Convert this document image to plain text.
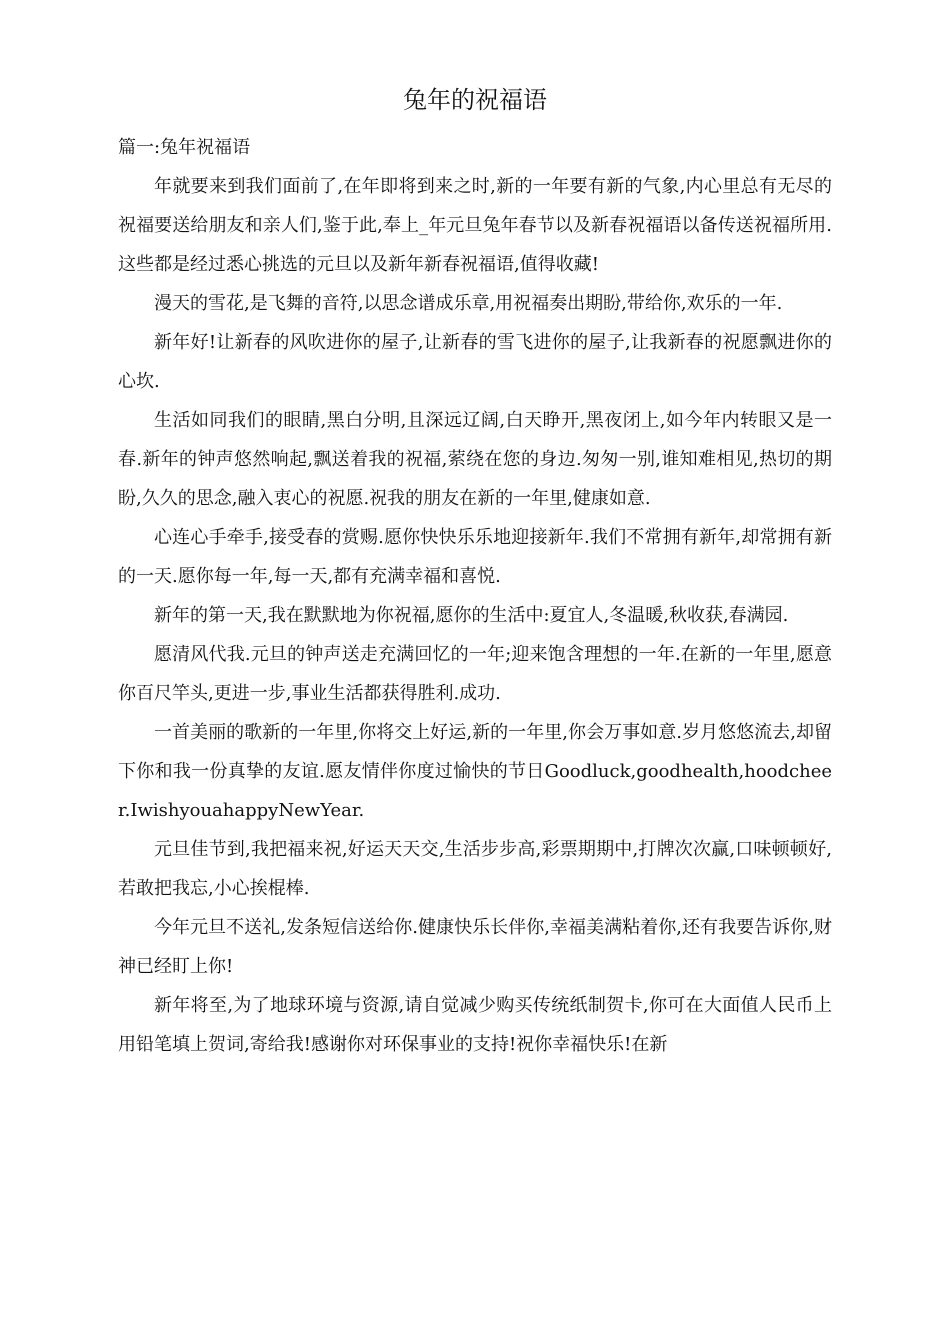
兔年的祝福语

篇一:兔年祝福语

年就要来到我们面前了,在年即将到来之时,新的一年要有新的气象,内心里总有无尽的祝福要送给朋友和亲人们,鉴于此,奉上_年元旦兔年春节以及新春祝福语以备传送祝福所用.这些都是经过悉心挑选的元旦以及新年新春祝福语,值得收藏!

漫天的雪花,是飞舞的音符,以思念谱成乐章,用祝福奏出期盼,带给你,欢乐的一年.

新年好!让新春的风吹进你的屋子,让新春的雪飞进你的屋子,让我新春的祝愿飘进你的心坎.

生活如同我们的眼睛,黑白分明,且深远辽阔,白天睁开,黑夜闭上,如今年内转眼又是一春.新年的钟声悠然响起,飘送着我的祝福,萦绕在您的身边.匆匆一别,谁知难相见,热切的期盼,久久的思念,融入衷心的祝愿.祝我的朋友在新的一年里,健康如意.

心连心手牵手,接受春的赏赐.愿你快快乐乐地迎接新年.我们不常拥有新年,却常拥有新的一天.愿你每一年,每一天,都有充满幸福和喜悦.

新年的第一天,我在默默地为你祝福,愿你的生活中:夏宜人,冬温暖,秋收获,春满园.

愿清风代我.元旦的钟声送走充满回忆的一年;迎来饱含理想的一年.在新的一年里,愿意你百尺竿头,更进一步,事业生活都获得胜利.成功.

一首美丽的歌新的一年里,你将交上好运,新的一年里,你会万事如意.岁月悠悠流去,却留下你和我一份真挚的友谊.愿友情伴你度过愉快的节日Goodluck,goodhealth,hoodcheer.IwishyouahappyNewYear.

元旦佳节到,我把福来祝,好运天天交,生活步步高,彩票期期中,打牌次次赢,口味顿顿好,若敢把我忘,小心挨棍棒.

今年元旦不送礼,发条短信送给你.健康快乐长伴你,幸福美满粘着你,还有我要告诉你,财神已经盯上你!

新年将至,为了地球环境与资源,请自觉减少购买传统纸制贺卡,你可在大面值人民币上用铅笔填上贺词,寄给我!感谢你对环保事业的支持!祝你幸福快乐!在新
